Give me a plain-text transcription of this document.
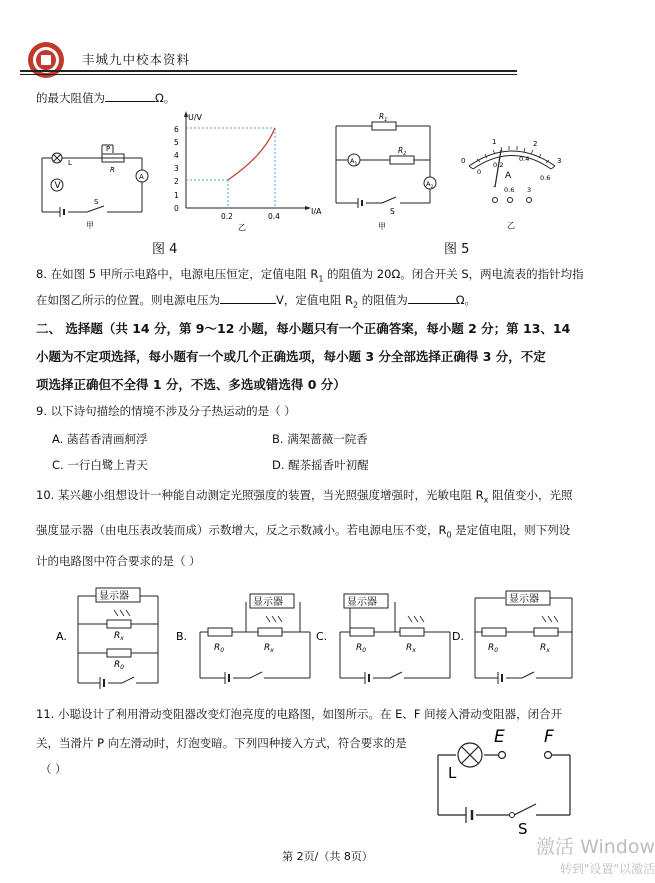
丰城九中校本资料
的最大阻值为	Ω。
V
A
L
P
R
S
甲
U/V
I/A
0
1
2
3
4
5
6
0.2	0.4
乙
$R_1$
$R_2$
$A_1$
$A_2$
S
甲
0
1	2
3
0
0.2
0.4
0.6
A
- 0.6 3
乙
图 4	图 5
8. 在如图 5 甲所示电路中，电源电压恒定，定值电阻 $R_1$ 的阻值为 20Ω。闭合开关 S，两电流表的指针均指
在如图乙所示的位置。则电源电压为	V，定值电阻 $R_2$ 的阻值为	Ω。
二、 选择题（共 14 分，第 9～12 小题，每小题只有一个正确答案，每小题 2 分；第 13、14
小题为不定项选择，每小题有一个或几个正确选项，每小题 3 分全部选择正确得 3 分，不定
项选择正确但不全得 1 分，不选、多选或错选得 0 分）
9. 以下诗句描绘的情境不涉及分子热运动的是（ ）
A. 菡萏香清画舸浮	B. 满架蔷薇一院香
C. 一行白鹭上青天	D. 醒茶摇香叶初醒
10. 某兴趣小组想设计一种能自动测定光照强度的装置，当光照强度增强时，光敏电阻 $R_x$ 阻值变小，光照
强度显示器（由电压表改装而成）示数增大，反之示数减小。若电源电压不变，$R_0$ 是定值电阻，则下列设
计的电路图中符合要求的是（ ）
显示器
显示器	显示器	显示器
$R_x$
$R_0$
$R_0$	$R_x$	$R_0$	$R_x$	$R_0$	$R_x$
A.	B.	C.	D.
11. 小聪设计了利用滑动变阻器改变灯泡亮度的电路图，如图所示。在 E、F 间接入滑动变阻器，闭合开
关，当滑片 P 向左滑动时，灯泡变暗。下列四种接入方式，符合要求的是
（ ）
E F
L
S
第 2页/（共 8页）	激活 Window
转到"设置"以激活
